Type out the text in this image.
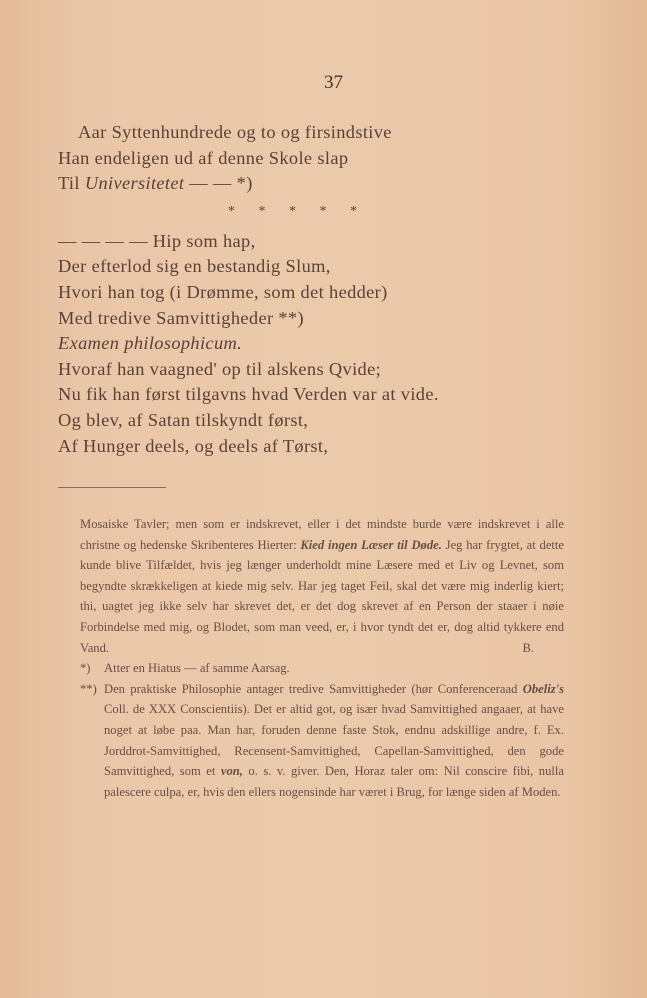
37
Aar Syttenhundrede og to og firsindstive
Han endeligen ud af denne Skole slap
Til Universitetet — — *)
* * * * *
— — — — Hip som hap,
Der efterlod sig en bestandig Slum,
Hvori han tog (i Drømme, som det hedder)
Med tredive Samvittigheder **)
Examen philosophicum.
Hvoraf han vaagned' op til alskens Qvide;
Nu fik han først tilgavns hvad Verden var at vide.
Og blev, af Satan tilskyndt først,
Af Hunger deels, og deels af Tørst,
Mosaiske Tavler; men som er indskrevet, eller i det mindste burde være indskrevet i alle christne og hedenske Skribenteres Hierter: Kied ingen Læser til Døde. Jeg har frygtet, at dette kunde blive Tilfældet, hvis jeg længer underholdt mine Læsere med et Liv og Levnet, som begyndte skrækkeligen at kiede mig selv. Har jeg taget Feil, skal det være mig inderlig kiert; thi, uagtet jeg ikke selv har skrevet det, er det dog skrevet af en Person der staaer i nøie Forbindelse med mig, og Blodet, som man veed, er, i hvor tyndt det er, dog altid tykkere end Vand.	B.
*) Atter en Hiatus — af samme Aarsag.
**) Den praktiske Philosophie antager tredive Samvittigheder (hør Conferenceraad Obeliz's Coll. de XXX Conscientiis). Det er altid got, og især hvad Samvittighed angaaer, at have noget at løbe paa. Man har, foruden denne faste Stok, endnu adskillige andre, f. Ex. Jorddrot-Samvittighed, Recensent-Samvittighed, Capellan-Samvittighed, den gode Samvittighed, som et von, o. s. v. giver. Den, Horaz taler om: Nil conscire fibi, nulla palescere culpa, er, hvis den ellers nogensinde har været i Brug, for længe siden af Moden.
